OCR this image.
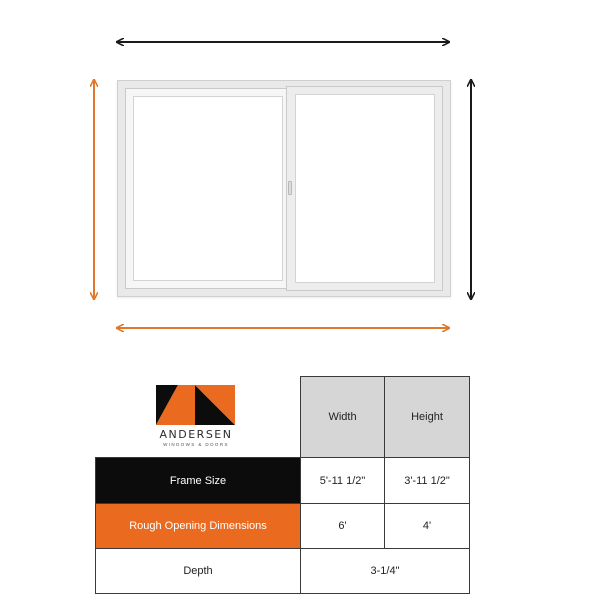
ANDERSEN
WINDOWS & DOORS
Width	Height
Frame Size	5'-11 1/2"	3'-11 1/2"
Rough Opening Dimensions	6'	4'
Depth	3-1/4"
